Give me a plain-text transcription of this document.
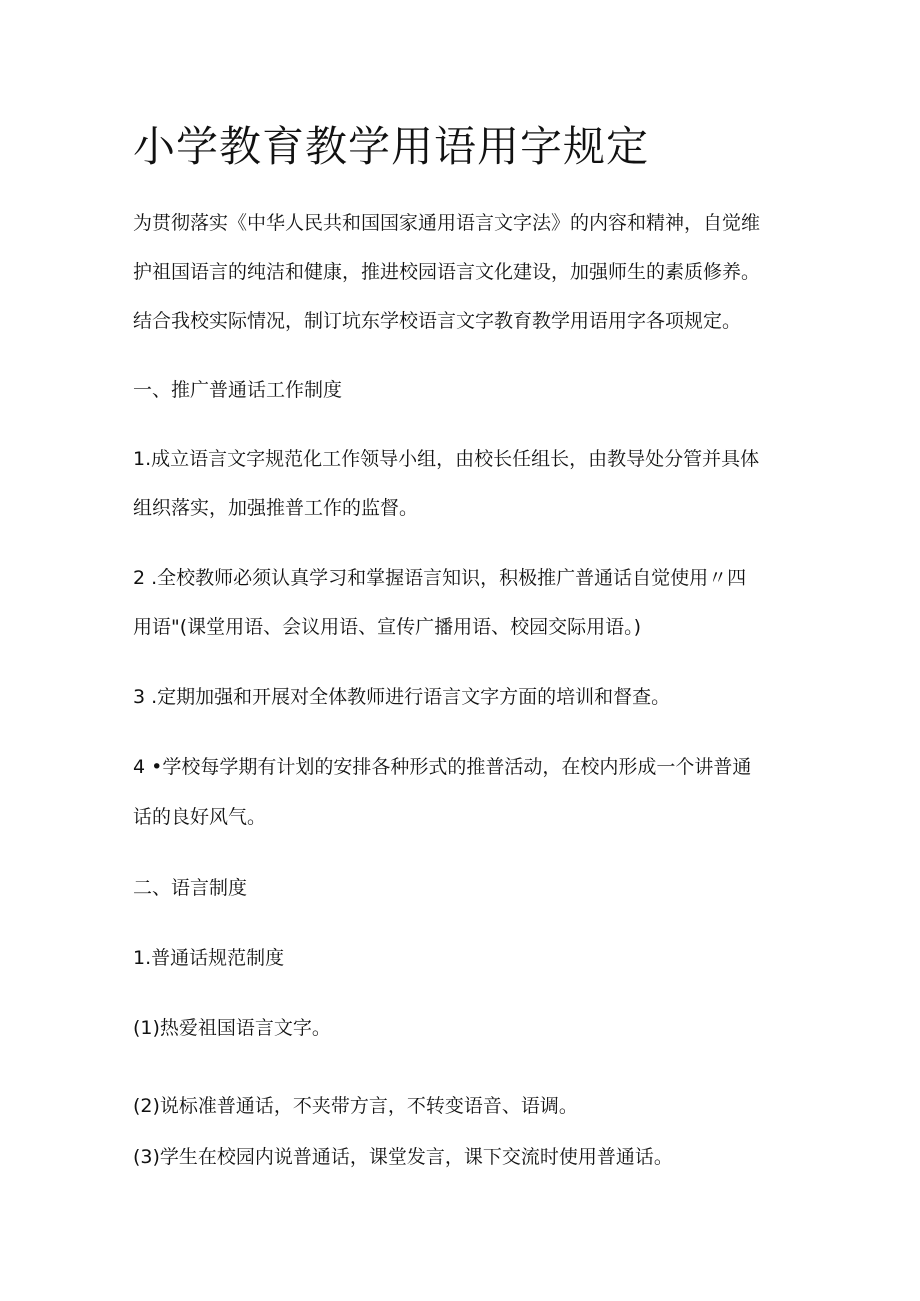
小学教育教学用语用字规定

为贯彻落实《中华人民共和国国家通用语言文字法》的内容和精神，自觉维

护祖国语言的纯洁和健康，推进校园语言文化建设，加强师生的素质修养。

结合我校实际情况，制订坑东学校语言文字教育教学用语用字各项规定。

一、推广普通话工作制度

1.成立语言文字规范化工作领导小组，由校长任组长，由教导处分管并具体

组织落实，加强推普工作的监督。

2 .全校教师必须认真学习和掌握语言知识，积极推广普通话自觉使用〃四

用语"(课堂用语、会议用语、宣传广播用语、校园交际用语。)

3 .定期加强和开展对全体教师进行语言文字方面的培训和督查。

4 •学校每学期有计划的安排各种形式的推普活动，在校内形成一个讲普通

话的良好风气。

二、语言制度

1.普通话规范制度

(1)热爱祖国语言文字。

(2)说标准普通话，不夹带方言，不转变语音、语调。

(3)学生在校园内说普通话，课堂发言，课下交流时使用普通话。
